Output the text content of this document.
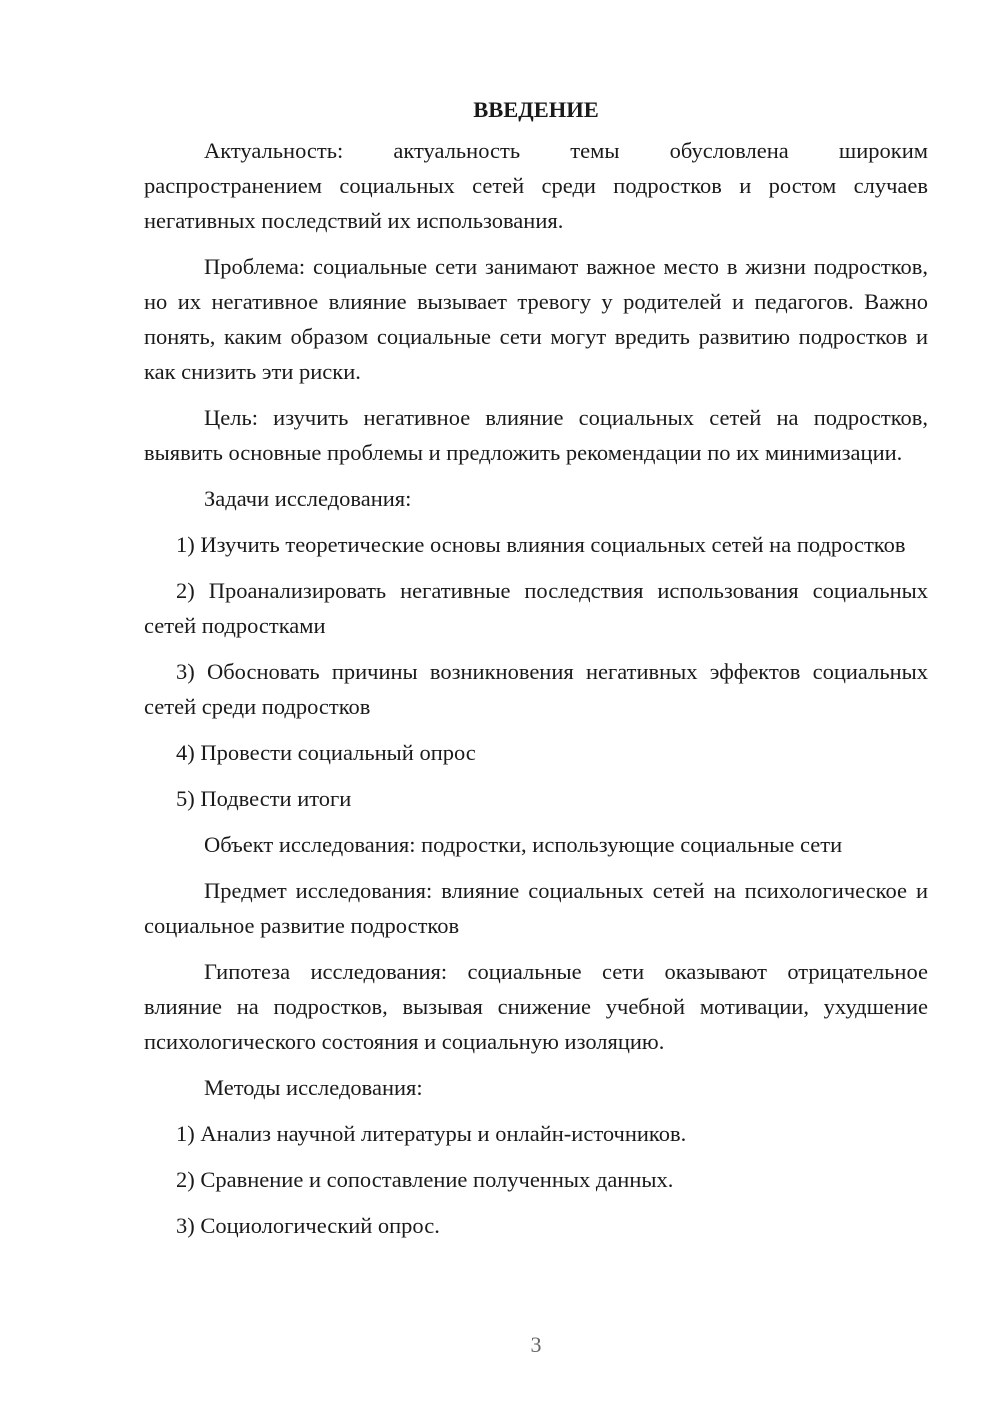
ВВЕДЕНИЕ

Актуальность: актуальность темы обусловлена широким распространением социальных сетей среди подростков и ростом случаев негативных последствий их использования.

Проблема: социальные сети занимают важное место в жизни подростков, но их негативное влияние вызывает тревогу у родителей и педагогов. Важно понять, каким образом социальные сети могут вредить развитию подростков и как снизить эти риски.

Цель: изучить негативное влияние социальных сетей на подростков, выявить основные проблемы и предложить рекомендации по их минимизации.

Задачи исследования:

1) Изучить теоретические основы влияния социальных сетей на подростков

2) Проанализировать негативные последствия использования социальных сетей подростками

3) Обосновать причины возникновения негативных эффектов социальных сетей среди подростков

4) Провести социальный опрос

5) Подвести итоги

Объект исследования: подростки, использующие социальные сети

Предмет исследования: влияние социальных сетей на психологическое и социальное развитие подростков

Гипотеза исследования: социальные сети оказывают отрицательное влияние на подростков, вызывая снижение учебной мотивации, ухудшение психологического состояния и социальную изоляцию.

Методы исследования:

1) Анализ научной литературы и онлайн-источников.

2) Сравнение и сопоставление полученных данных.

3) Социологический опрос.

3
